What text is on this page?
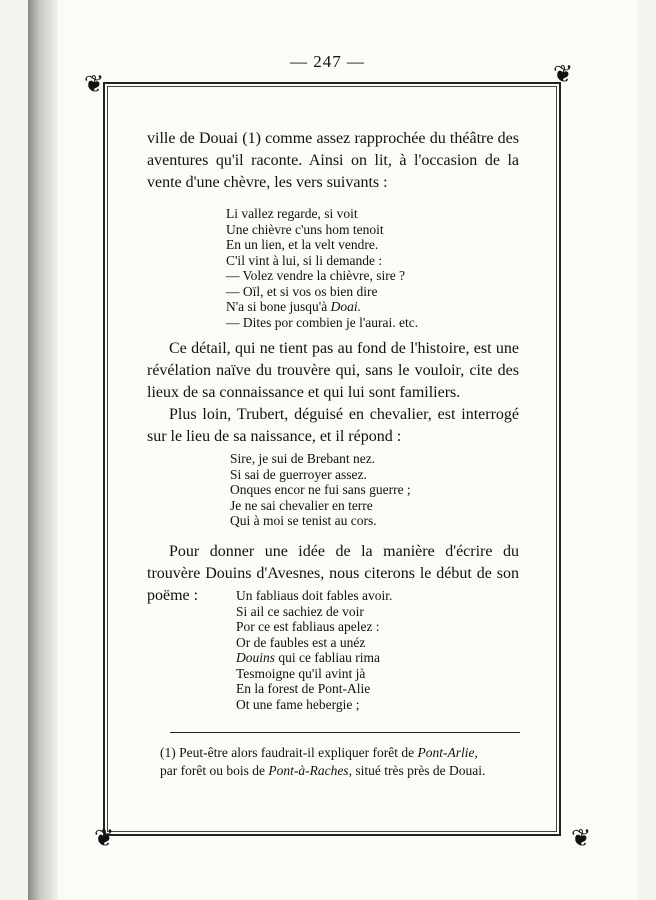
— 247 —
❦	❦
❦	❦
ville de Douai (1) comme assez rapprochée du théâtre des aventures qu'il raconte. Ainsi on lit, à l'occasion de la vente d'une chèvre, les vers suivants :
Li vallez regarde, si voit
Une chièvre c'uns hom tenoit
En un lien, et la velt vendre.
C'il vint à lui, si li demande :
— Volez vendre la chièvre, sire ?
— Oïl, et si vos os bien dire
N'a si bone jusqu'à Doai.
— Dites por combien je l'aurai. etc.
Ce détail, qui ne tient pas au fond de l'histoire, est une révélation naïve du trouvère qui, sans le vouloir, cite des lieux de sa connaissance et qui lui sont familiers.
Plus loin, Trubert, déguisé en chevalier, est interrogé sur le lieu de sa naissance, et il répond :
Sire, je sui de Brebant nez.
Si sai de guerroyer assez.
Onques encor ne fui sans guerre ;
Je ne sai chevalier en terre
Qui à moi se tenist au cors.
Pour donner une idée de la manière d'écrire du trouvère Douins d'Avesnes, nous citerons le début de son poëme :	Un fabliaus doit fables avoir.
Si ail ce sachiez de voir
Por ce est fabliaus apelez :
Or de faubles est a unéz
Douins qui ce fabliau rima
Tesmoigne qu'il avint jà
En la forest de Pont-Alie
Ot une fame hebergie ;
(1) Peut-être alors faudrait-il expliquer forêt de Pont-Arlie,
par forêt ou bois de Pont-à-Raches, situé très près de Douai.
